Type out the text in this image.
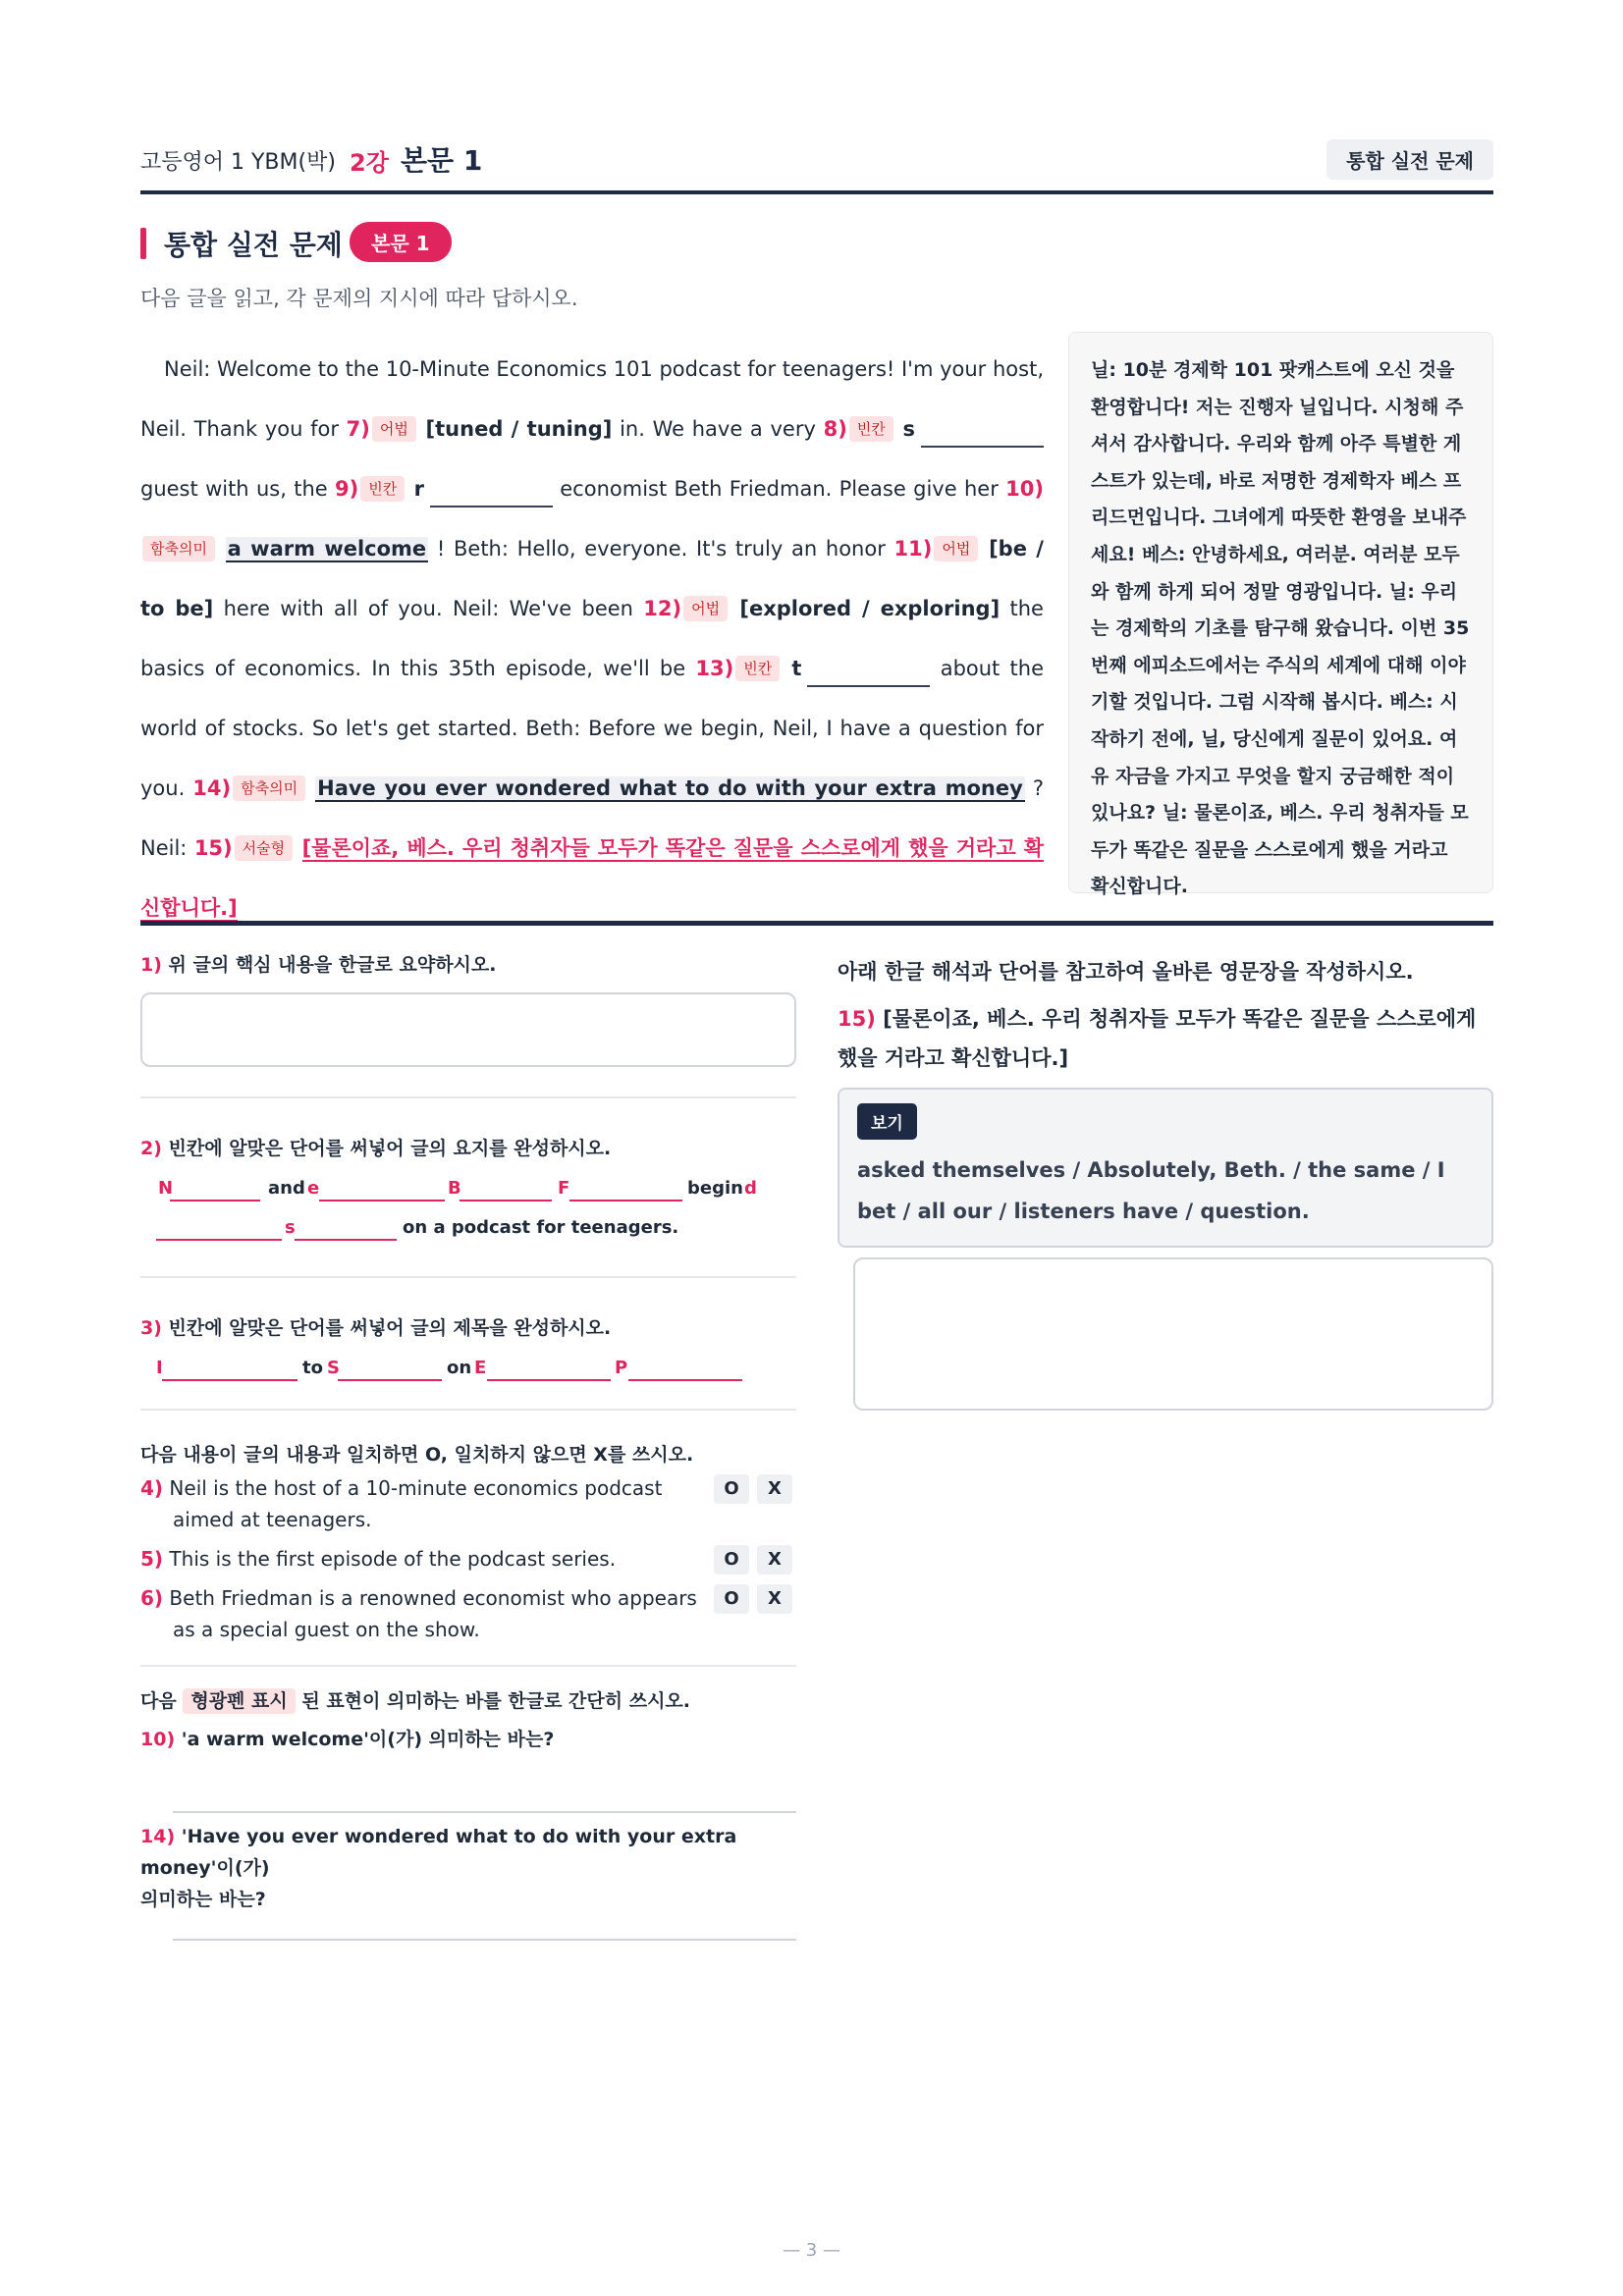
고등영어 1 YBM(박) 2강 본문 1	통합 실전 문제
통합 실전 문제	본문 1
다음 글을 읽고, 각 문제의 지시에 따라 답하시오.
Neil: Welcome to the 10-Minute Economics 101 podcast for teenagers! I'm your host, Neil. Thank you for 7) 어법 [tuned / tuning] in. We have a very 8) 빈칸 s guest with us, the 9) 빈칸 r	economist Beth Friedman. Please give her 10)함축의미 a warm welcome ! Beth: Hello, everyone. It's truly an honor 11) 어법 [be / to be] here with all of you. Neil: We've been 12) 어법 [explored / exploring] the basics of economics. In this 35th episode, we'll be 13) 빈칸 t	about the world of stocks. So let's get started. Beth: Before we begin, Neil, I have a question for you. 14) 함축의미 Have you ever wondered what to do with your extra money ? Neil: 15) 서술형 [물론이죠, 베스. 우리 청취자들 모두가 똑같은 질문을 스스로에게 했을 거라고 확신합니다.]
닐: 10분 경제학 101 팟캐스트에 오신 것을 환영합니다! 저는 진행자 닐입니다. 시청해 주셔서 감사합니다. 우리와 함께 아주 특별한 게스트가 있는데, 바로 저명한 경제학자 베스 프리드먼입니다. 그녀에게 따뜻한 환영을 보내주세요! 베스: 안녕하세요, 여러분. 여러분 모두와 함께 하게 되어 정말 영광입니다. 닐: 우리는 경제학의 기초를 탐구해 왔습니다. 이번 35번째 에피소드에서는 주식의 세계에 대해 이야기할 것입니다. 그럼 시작해 봅시다. 베스: 시작하기 전에, 닐, 당신에게 질문이 있어요. 여유 자금을 가지고 무엇을 할지 궁금해한 적이 있나요? 닐: 물론이죠, 베스. 우리 청취자들 모두가 똑같은 질문을 스스로에게 했을 거라고 확신합니다.
1) 위 글의 핵심 내용을 한글로 요약하시오.
2) 빈칸에 알맞은 단어를 써넣어 글의 요지를 완성하시오.
N	and e	B	F	begin d
s	on a podcast for teenagers.
3) 빈칸에 알맞은 단어를 써넣어 글의 제목을 완성하시오.
I	to S	on E	P
다음 내용이 글의 내용과 일치하면 O, 일치하지 않으면 X를 쓰시오.
4) Neil is the host of a 10-minute economics podcast
aimed at teenagers.
O	X
5) This is the first episode of the podcast series.	O	X
6) Beth Friedman is a renowned economist who appears
as a special guest on the show.
O	X
다음 형광펜 표시 된 표현이 의미하는 바를 한글로 간단히 쓰시오.
10) 'a warm welcome'이(가) 의미하는 바는?
14) 'Have you ever wondered what to do with your extra money'이(가)
의미하는 바는?
아래 한글 해석과 단어를 참고하여 올바른 영문장을 작성하시오.
15) [물론이죠, 베스. 우리 청취자들 모두가 똑같은 질문을 스스로에게 했을 거라고 확신합니다.]
보기
asked themselves / Absolutely, Beth. / the same / I bet / all our / listeners have / question.
— 3 —
